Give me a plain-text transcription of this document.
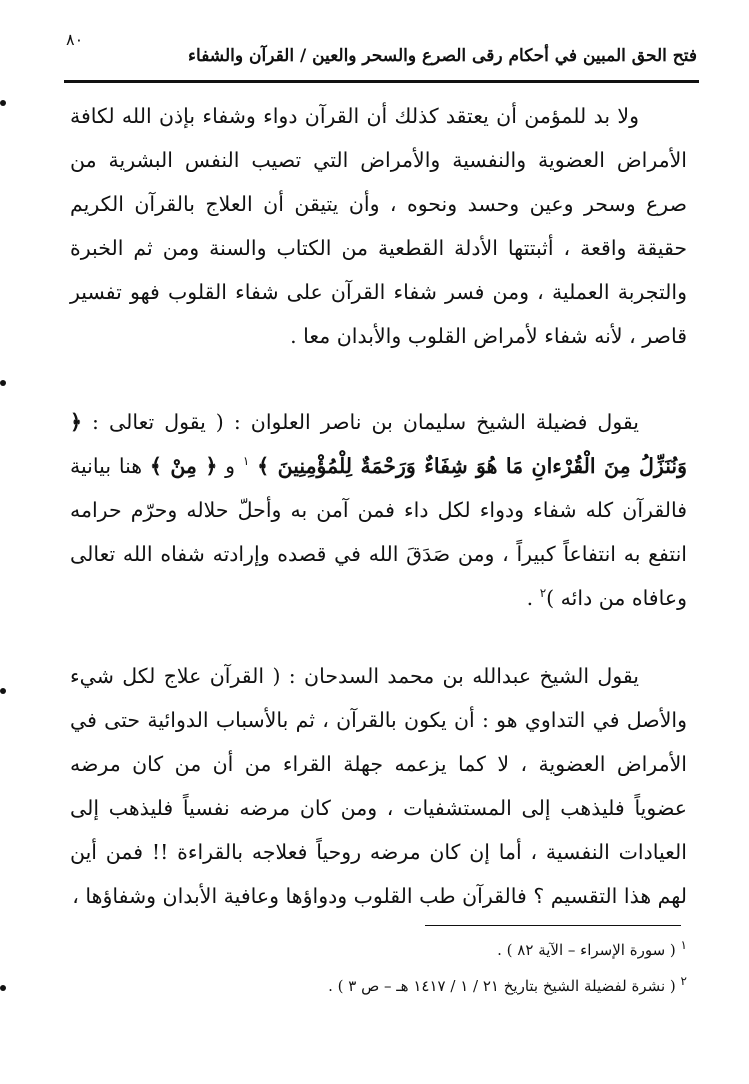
٨٠
فتح الحق المبين في أحكام رقى الصرع والسحر والعين / القرآن والشفاء

ولا بد للمؤمن أن يعتقد كذلك أن القرآن دواء وشفاء بإذن الله لكافة الأمراض العضوية والنفسية والأمراض التي تصيب النفس البشرية من صرع وسحر وعين وحسد ونحوه ، وأن يتيقن أن العلاج بالقرآن الكريم حقيقة واقعة ، أثبتتها الأدلة القطعية من الكتاب والسنة ومن ثم الخبرة والتجربة العملية ، ومن فسر شفاء القرآن على شفاء القلوب فهو تفسير قاصر ، لأنه شفاء لأمراض القلوب والأبدان معا .

يقول فضيلة الشيخ سليمان بن ناصر العلوان : ( يقول تعالى : ﴿ وَنُنَزِّلُ مِنَ الْقُرْءانِ مَا هُوَ شِفَاءٌ وَرَحْمَةٌ لِلْمُؤْمِنِينَ ﴾ $^١$ و ﴿ مِنْ ﴾ هنا بيانية فالقرآن كله شفاء ودواء لكل داء فمن آمن به وأحلّ حلاله وحرّم حرامه انتفع به انتفاعاً كبيراً ، ومن صَدَقَ الله في قصده وإرادته شفاه الله تعالى وعافاه من دائه )$^٢$ .

يقول الشيخ عبدالله بن محمد السدحان : ( القرآن علاج لكل شيء والأصل في التداوي هو : أن يكون بالقرآن ، ثم بالأسباب الدوائية حتى في الأمراض العضوية ، لا كما يزعمه جهلة القراء من أن من كان مرضه عضوياً فليذهب إلى المستشفيات ، ومن كان مرضه نفسياً فليذهب إلى العيادات النفسية ، أما إن كان مرضه روحياً فعلاجه بالقراءة !! فمن أين لهم هذا التقسيم ؟ فالقرآن طب القلوب ودواؤها وعافية الأبدان وشفاؤها ،

$^١$ ( سورة الإسراء – الآية ٨٢ ) .
$^٢$ ( نشرة لفضيلة الشيخ بتاريخ ٢١ / ١ / ١٤١٧ هـ – ص ٣ ) .
